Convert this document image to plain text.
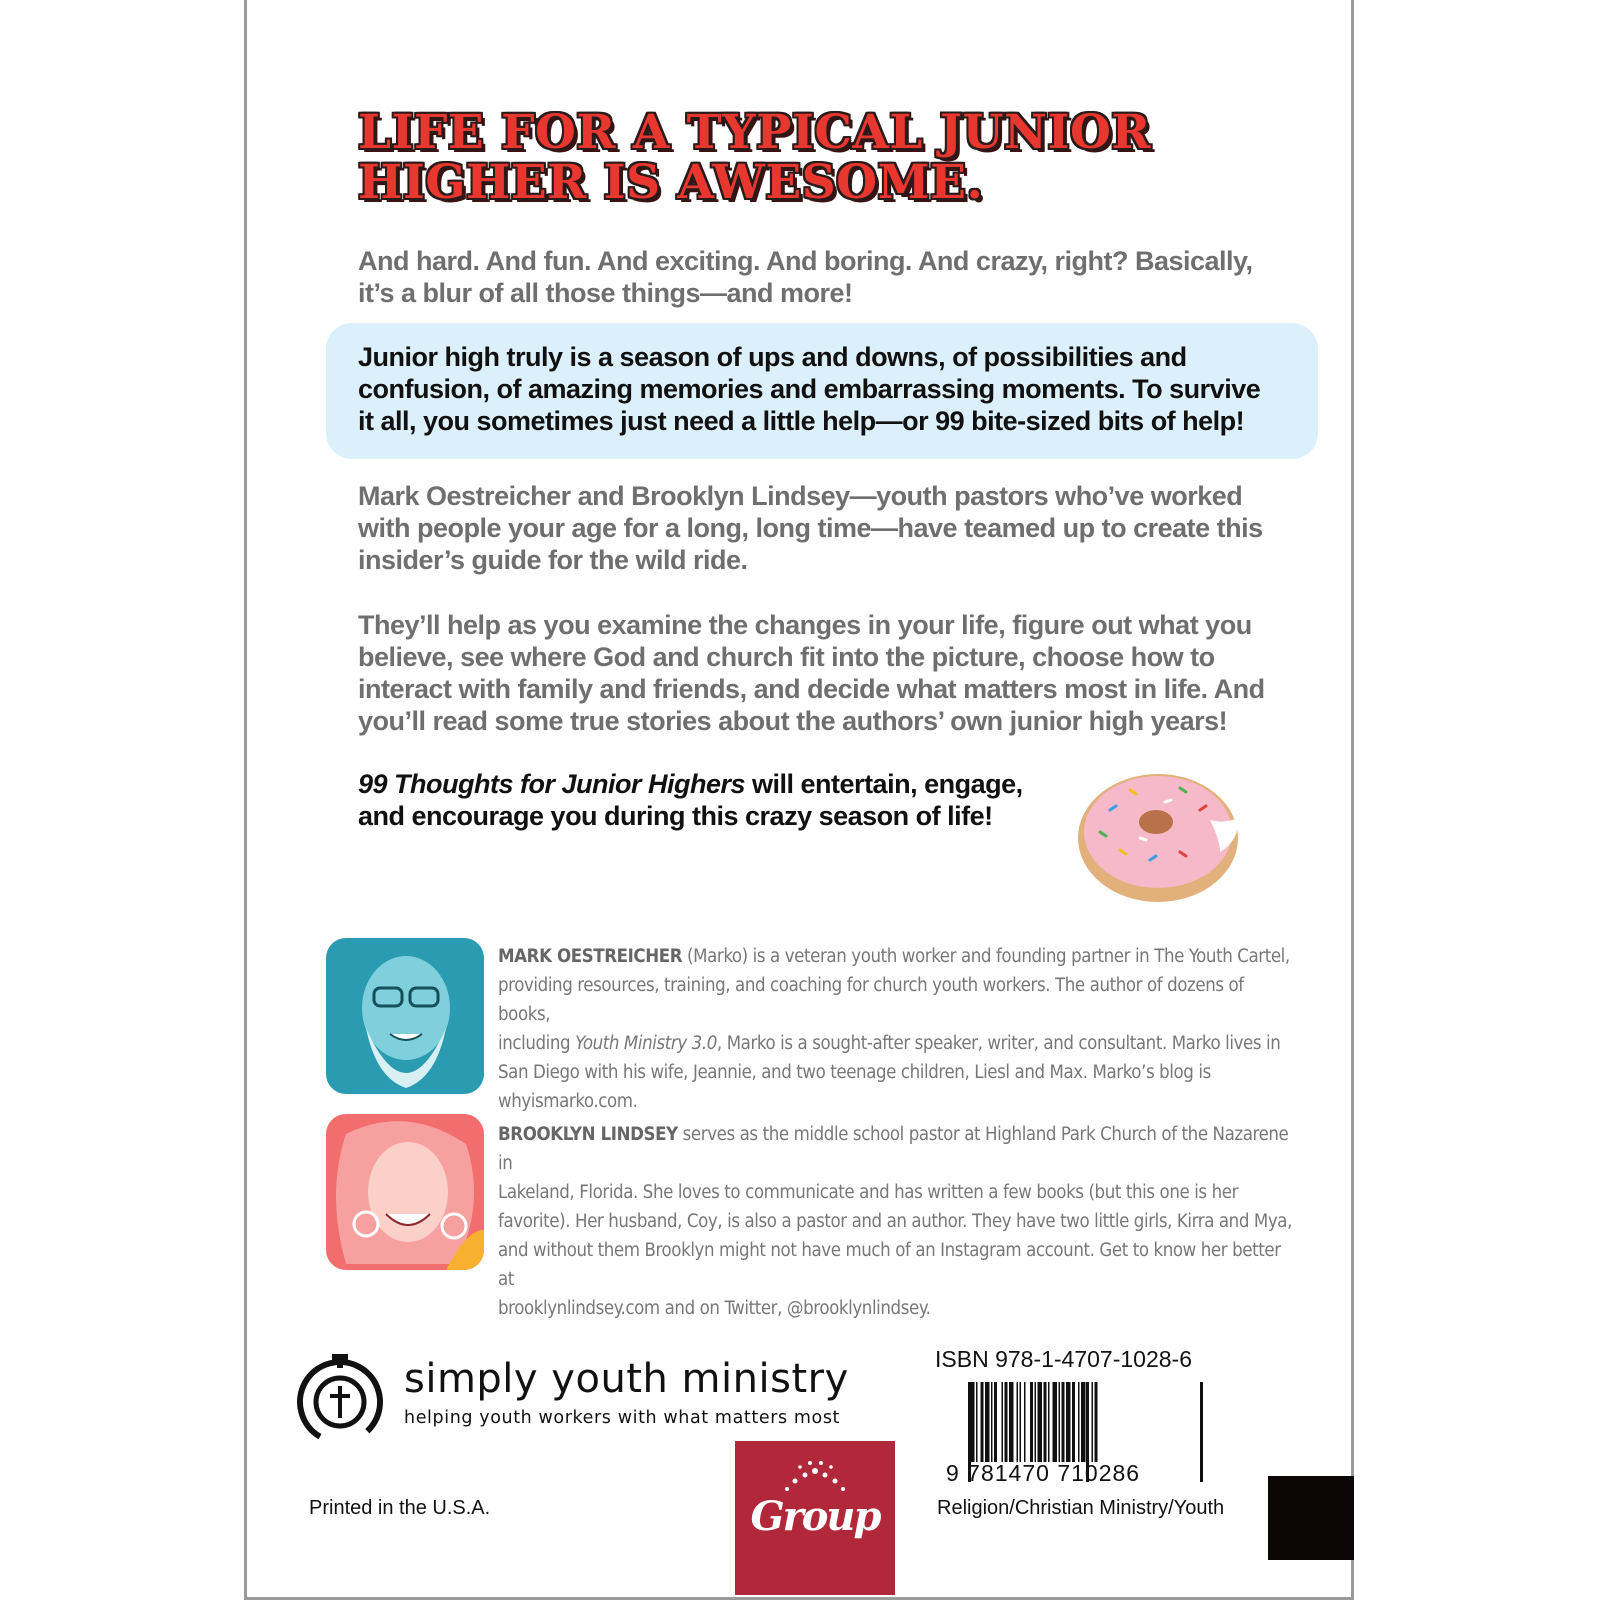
LIFE FOR A TYPICAL JUNIOR
HIGHER IS AWESOME.
And hard. And fun. And exciting. And boring. And crazy, right? Basically,
it’s a blur of all those things—and more!
Junior high truly is a season of ups and downs, of possibilities and
confusion, of amazing memories and embarrassing moments. To survive
it all, you sometimes just need a little help—or 99 bite-sized bits of help!
Mark Oestreicher and Brooklyn Lindsey—youth pastors who’ve worked
with people your age for a long, long time—have teamed up to create this
insider’s guide for the wild ride.
They’ll help as you examine the changes in your life, figure out what you
believe, see where God and church fit into the picture, choose how to
interact with family and friends, and decide what matters most in life. And
you’ll read some true stories about the authors’ own junior high years!
99 Thoughts for Junior Highers will entertain, engage,
and encourage you during this crazy season of life!
MARK OESTREICHER (Marko) is a veteran youth worker and founding partner in The Youth Cartel,
providing resources, training, and coaching for church youth workers. The author of dozens of books,
including Youth Ministry 3.0, Marko is a sought-after speaker, writer, and consultant. Marko lives in
San Diego with his wife, Jeannie, and two teenage children, Liesl and Max. Marko’s blog is
whyismarko.com.
BROOKLYN LINDSEY serves as the middle school pastor at Highland Park Church of the Nazarene in
Lakeland, Florida. She loves to communicate and has written a few books (but this one is her
favorite). Her husband, Coy, is also a pastor and an author. They have two little girls, Kirra and Mya,
and without them Brooklyn might not have much of an Instagram account. Get to know her better at
brooklynlindsey.com and on Twitter, @brooklynlindsey.
simply youth ministry
helping youth workers with what matters most
ISBN 978-1-4707-1028-6
9 781470 710286
Religion/Christian Ministry/Youth
Printed in the U.S.A.	Group
